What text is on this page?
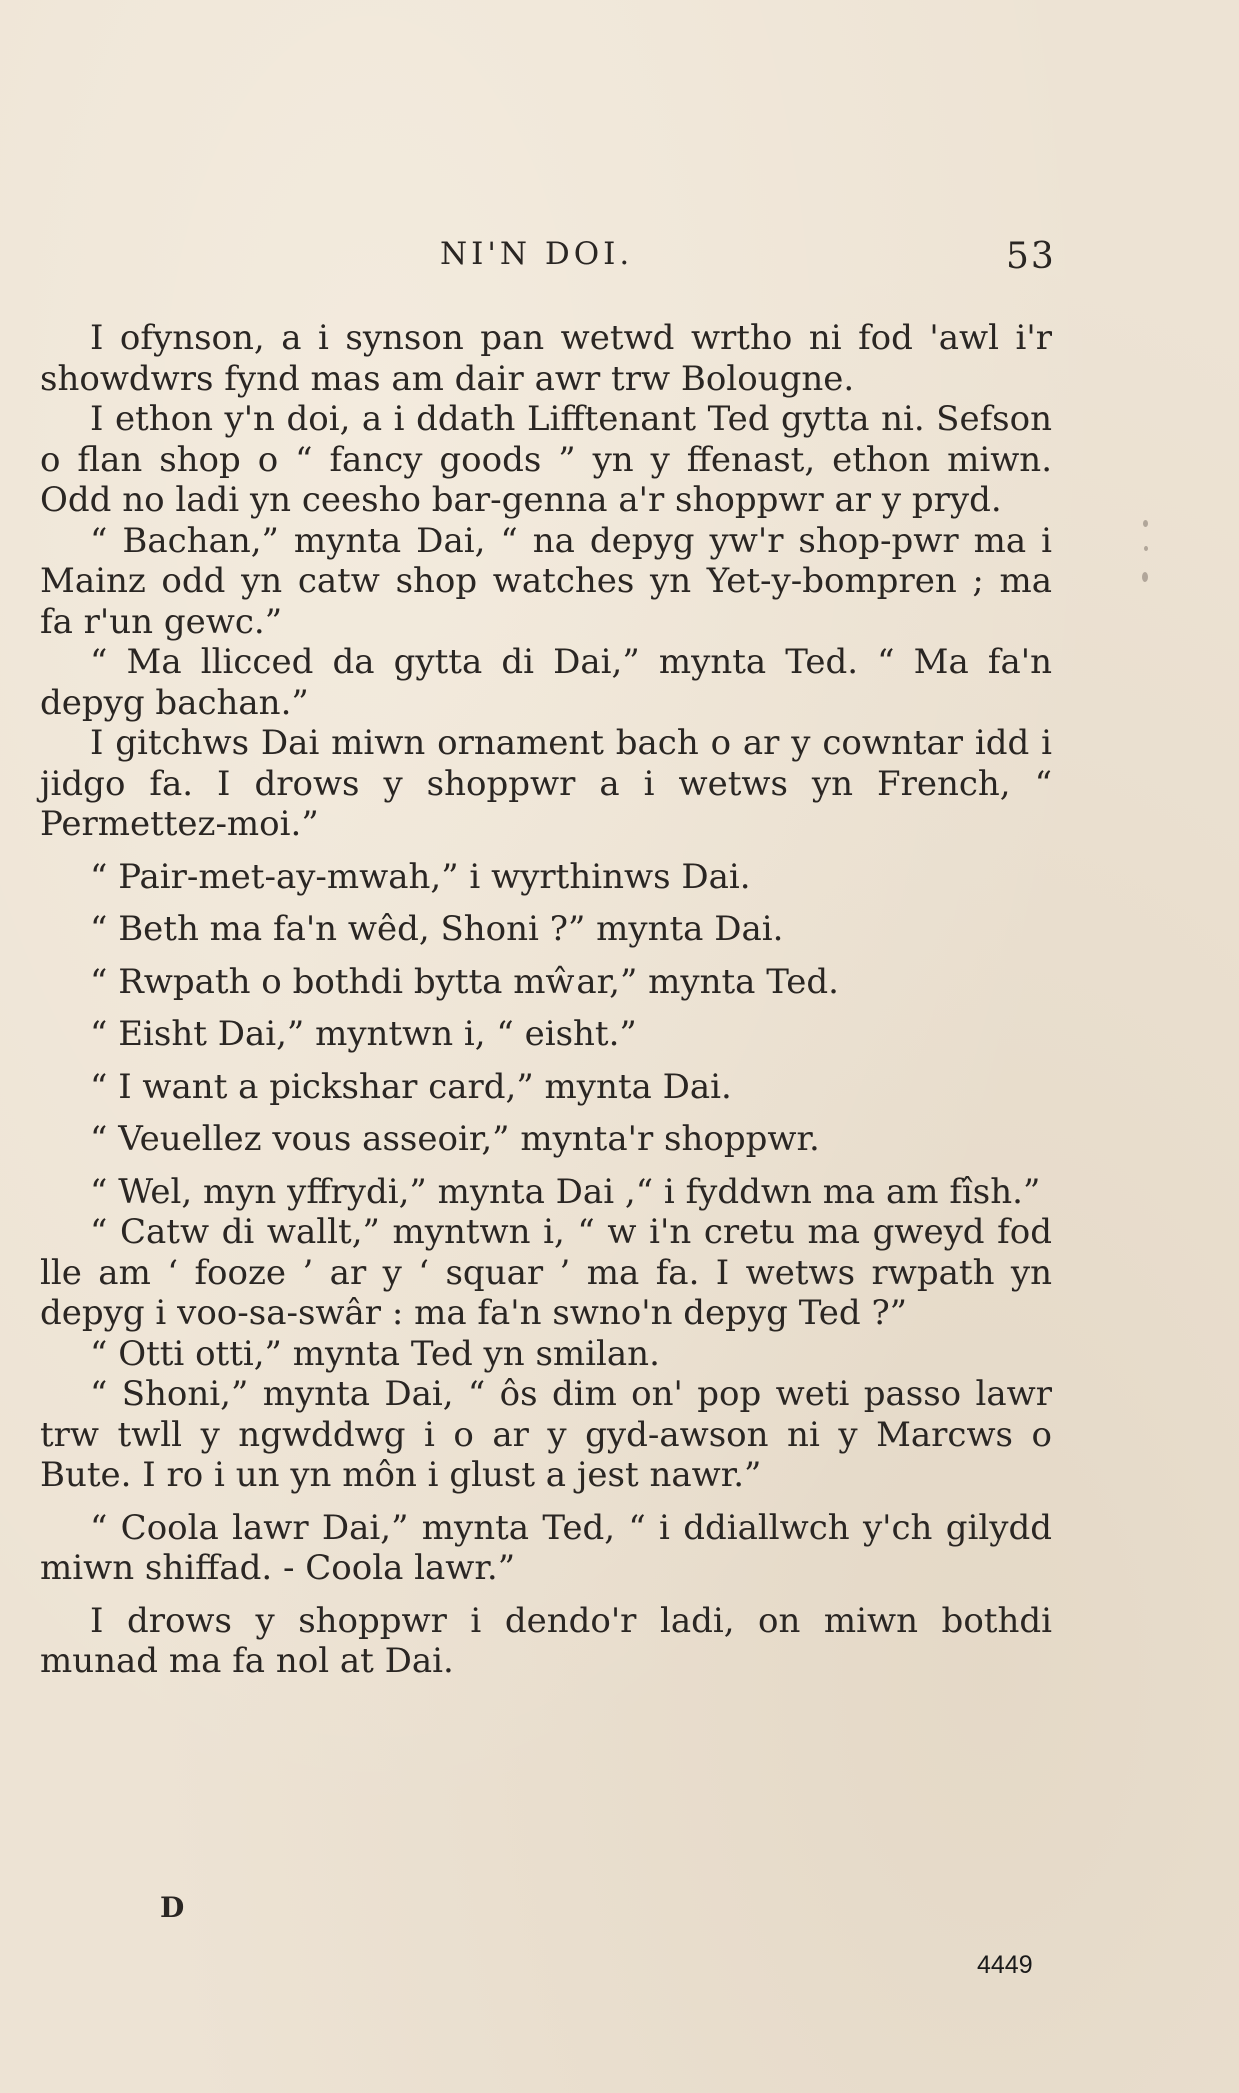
NI'N DOI.	53

I ofynson, a i synson pan wetwd wrtho ni fod 'awl i'r showdwrs fynd mas am dair awr trw Bolougne.

I ethon y'n doi, a i ddath Lifftenant Ted gytta ni. Sefson o flan shop o “ fancy goods ” yn y ffenast, ethon miwn. Odd no ladi yn ceesho bar-genna a'r shoppwr ar y pryd.

“ Bachan,” mynta Dai, “ na depyg yw'r shop-pwr ma i Mainz odd yn catw shop watches yn Yet-y-bompren ; ma fa r'un gewc.”

“ Ma llicced da gytta di Dai,” mynta Ted. “ Ma fa'n depyg bachan.”

I gitchws Dai miwn ornament bach o ar y cowntar idd i jidgo fa. I drows y shoppwr a i wetws yn French, “ Permettez-moi.”

“ Pair-met-ay-mwah,” i wyrthinws Dai.

“ Beth ma fa'n wêd, Shoni ?” mynta Dai.

“ Rwpath o bothdi bytta mŵar,” mynta Ted.

“ Eisht Dai,” myntwn i, “ eisht.”

“ I want a pickshar card,” mynta Dai.

“ Veuellez vous asseoir,” mynta'r shoppwr.

“ Wel, myn yffrydi,” mynta Dai ,“ i fyddwn ma am fîsh.”

“ Catw di wallt,” myntwn i, “ w i'n cretu ma gweyd fod lle am ‘ fooze ’ ar y ‘ squar ’ ma fa. I wetws rwpath yn depyg i voo-sa-swâr : ma fa'n swno'n depyg Ted ?”

“ Otti otti,” mynta Ted yn smilan.

“ Shoni,” mynta Dai, “ ôs dim on' pop weti passo lawr trw twll y ngwddwg i o ar y gyd-awson ni y Marcws o Bute. I ro i un yn môn i glust a jest nawr.”

“ Coola lawr Dai,” mynta Ted, “ i ddiallwch y'ch gilydd miwn shiffad. - Coola lawr.”

I drows y shoppwr i dendo'r ladi, on miwn bothdi munad ma fa nol at Dai.

D
4449
